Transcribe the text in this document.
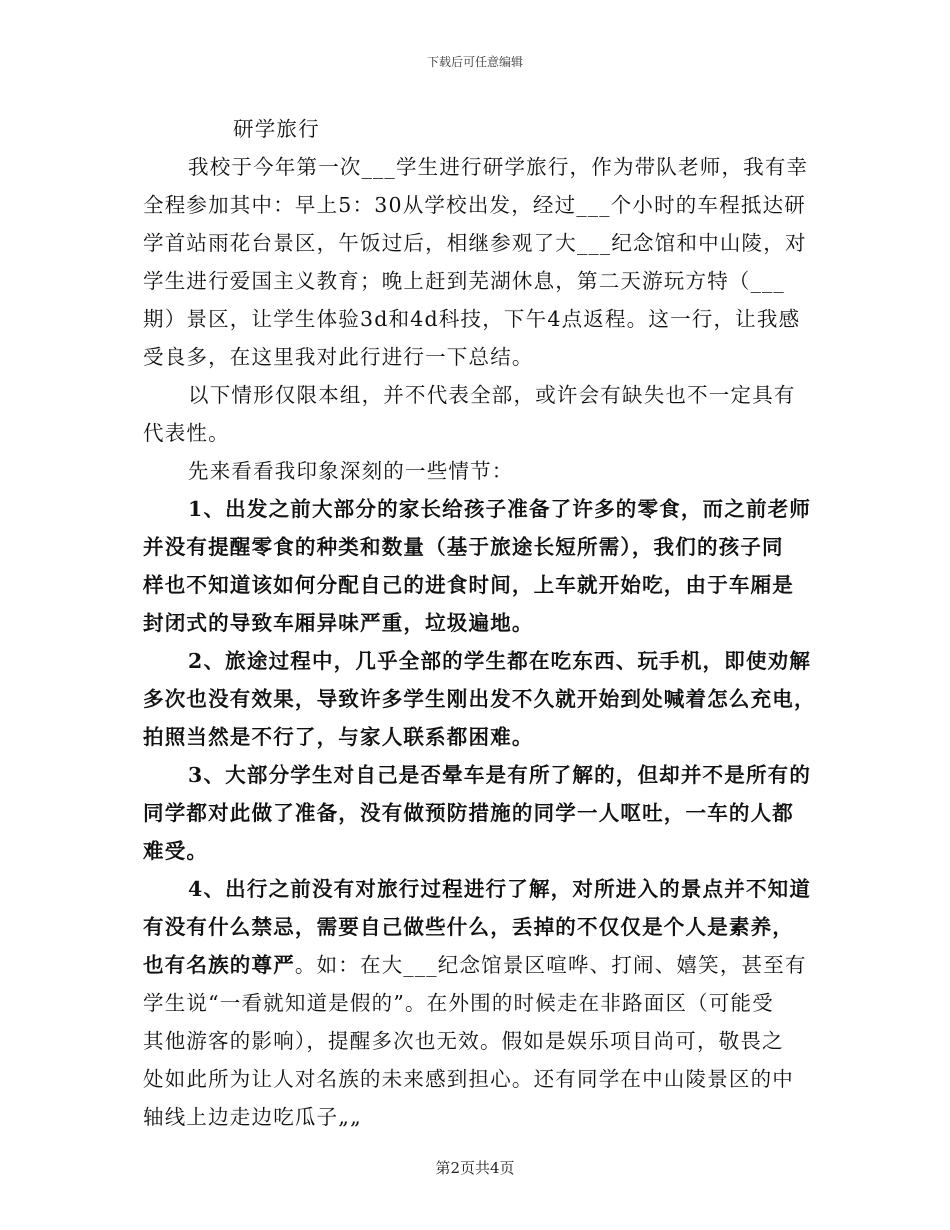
下载后可任意编辑
研学旅行
我校于今年第一次___学生进行研学旅行，作为带队老师，我有幸
全程参加其中：早上5：30从学校出发，经过___个小时的车程抵达研
学首站雨花台景区，午饭过后，相继参观了大___纪念馆和中山陵，对
学生进行爱国主义教育；晚上赶到芜湖休息，第二天游玩方特（___
期）景区，让学生体验3d和4d科技，下午4点返程。这一行，让我感
受良多，在这里我对此行进行一下总结。
以下情形仅限本组，并不代表全部，或许会有缺失也不一定具有
代表性。
先来看看我印象深刻的一些情节：
1、出发之前大部分的家长给孩子准备了许多的零食，而之前老师
并没有提醒零食的种类和数量（基于旅途长短所需），我们的孩子同
样也不知道该如何分配自己的进食时间，上车就开始吃，由于车厢是
封闭式的导致车厢异味严重，垃圾遍地。
2、旅途过程中，几乎全部的学生都在吃东西、玩手机，即使劝解
多次也没有效果，导致许多学生刚出发不久就开始到处喊着怎么充电，
拍照当然是不行了，与家人联系都困难。
3、大部分学生对自己是否晕车是有所了解的，但却并不是所有的
同学都对此做了准备，没有做预防措施的同学一人呕吐，一车的人都
难受。
4、出行之前没有对旅行过程进行了解，对所进入的景点并不知道
有没有什么禁忌，需要自己做些什么，丢掉的不仅仅是个人是素养，
也有名族的尊严。如：在大___纪念馆景区喧哗、打闹、嬉笑，甚至有
学生说“一看就知道是假的”。在外围的时候走在非路面区（可能受
其他游客的影响），提醒多次也无效。假如是娱乐项目尚可，敬畏之
处如此所为让人对名族的未来感到担心。还有同学在中山陵景区的中
轴线上边走边吃瓜子„„
第2页共4页
